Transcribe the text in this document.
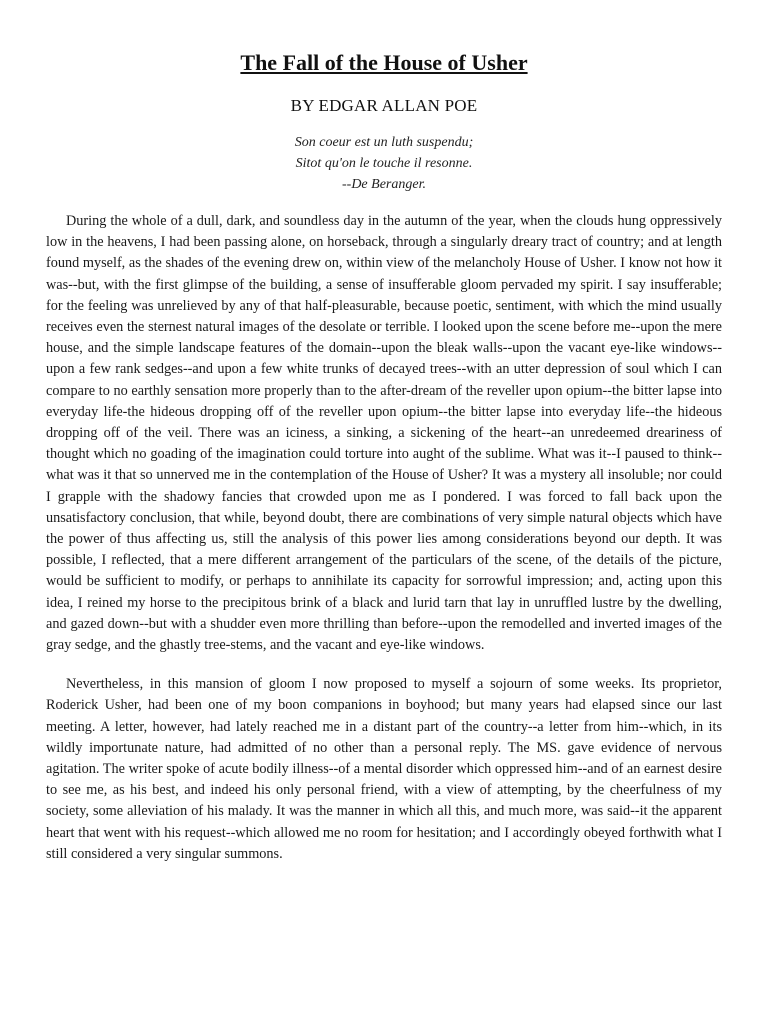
The Fall of the House of Usher
BY EDGAR ALLAN POE
Son coeur est un luth suspendu;
Sitot qu'on le touche il resonne.
--De Beranger.

During the whole of a dull, dark, and soundless day in the autumn of the year, when the clouds hung oppressively low in the heavens, I had been passing alone, on horseback, through a singularly dreary tract of country; and at length found myself, as the shades of the evening drew on, within view of the melancholy House of Usher. I know not how it was--but, with the first glimpse of the building, a sense of insufferable gloom pervaded my spirit. I say insufferable; for the feeling was unrelieved by any of that half-pleasurable, because poetic, sentiment, with which the mind usually receives even the sternest natural images of the desolate or terrible. I looked upon the scene before me--upon the mere house, and the simple landscape features of the domain--upon the bleak walls--upon the vacant eye-like windows--upon a few rank sedges--and upon a few white trunks of decayed trees--with an utter depression of soul which I can compare to no earthly sensation more properly than to the after-dream of the reveller upon opium--the bitter lapse into everyday life-the hideous dropping off of the reveller upon opium--the bitter lapse into everyday life--the hideous dropping off of the veil. There was an iciness, a sinking, a sickening of the heart--an unredeemed dreariness of thought which no goading of the imagination could torture into aught of the sublime. What was it--I paused to think--what was it that so unnerved me in the contemplation of the House of Usher? It was a mystery all insoluble; nor could I grapple with the shadowy fancies that crowded upon me as I pondered. I was forced to fall back upon the unsatisfactory conclusion, that while, beyond doubt, there are combinations of very simple natural objects which have the power of thus affecting us, still the analysis of this power lies among considerations beyond our depth. It was possible, I reflected, that a mere different arrangement of the particulars of the scene, of the details of the picture, would be sufficient to modify, or perhaps to annihilate its capacity for sorrowful impression; and, acting upon this idea, I reined my horse to the precipitous brink of a black and lurid tarn that lay in unruffled lustre by the dwelling, and gazed down--but with a shudder even more thrilling than before--upon the remodelled and inverted images of the gray sedge, and the ghastly tree-stems, and the vacant and eye-like windows.

Nevertheless, in this mansion of gloom I now proposed to myself a sojourn of some weeks. Its proprietor, Roderick Usher, had been one of my boon companions in boyhood; but many years had elapsed since our last meeting. A letter, however, had lately reached me in a distant part of the country--a letter from him--which, in its wildly importunate nature, had admitted of no other than a personal reply. The MS. gave evidence of nervous agitation. The writer spoke of acute bodily illness--of a mental disorder which oppressed him--and of an earnest desire to see me, as his best, and indeed his only personal friend, with a view of attempting, by the cheerfulness of my society, some alleviation of his malady. It was the manner in which all this, and much more, was said--it the apparent heart that went with his request--which allowed me no room for hesitation; and I accordingly obeyed forthwith what I still considered a very singular summons.
